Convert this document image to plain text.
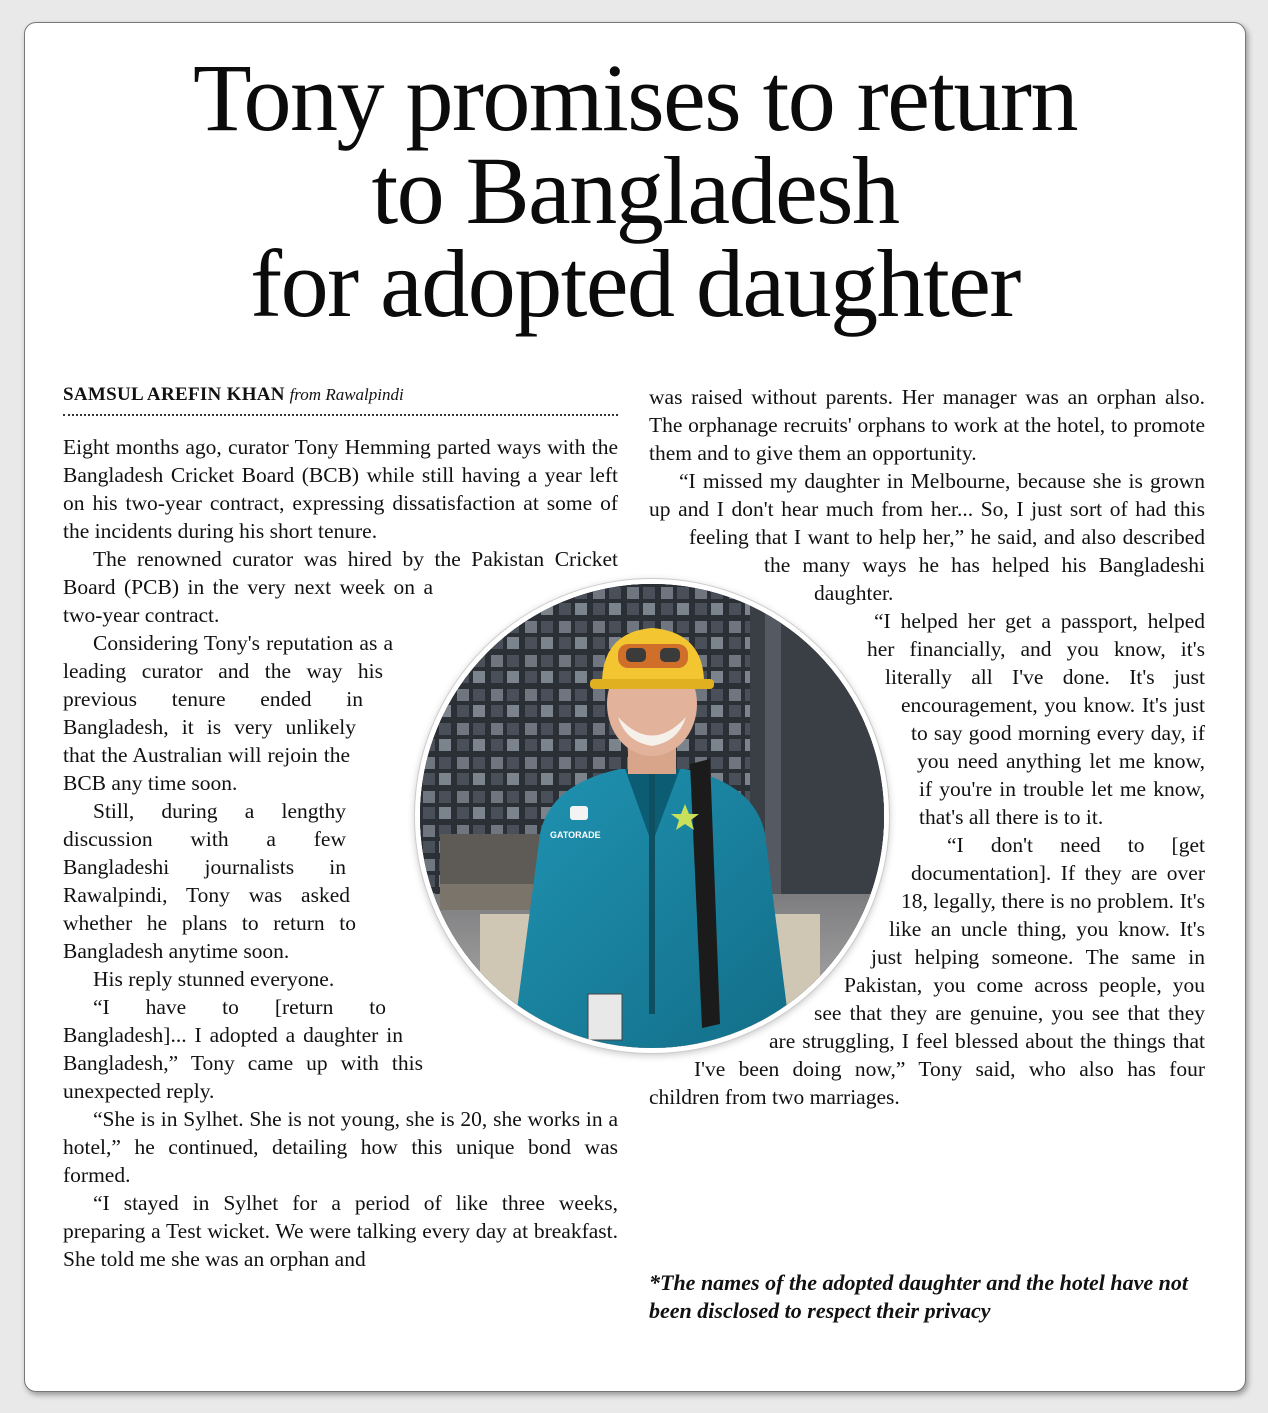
Tony promises to return
to Bangladesh
for adopted daughter
SAMSUL AREFIN KHAN from Rawalpindi

Eight months ago, curator Tony Hemming parted ways with the Bangladesh Cricket Board (BCB) while still having a year left on his two-year contract, expressing dissatisfaction at some of the incidents during his short tenure.

The renowned curator was hired by the Pakistan Cricket Board (PCB) in the very next week on a two-year contract.

Considering Tony's reputation as a leading curator and the way his previous tenure ended in Bangladesh, it is very unlikely that the Australian will rejoin the BCB any time soon.

Still, during a lengthy discussion with a few Bangladeshi journalists in Rawalpindi, Tony was asked whether he plans to return to Bangladesh anytime soon.

His reply stunned everyone.

“I have to [return to Bangladesh]... I adopted a daughter in Bangladesh,” Tony came up with this unexpected reply.

“She is in Sylhet. She is not young, she is 20, she works in a hotel,” he continued, detailing how this unique bond was formed.

“I stayed in Sylhet for a period of like three weeks, preparing a Test wicket. We were talking every day at breakfast. She told me she was an orphan and

was raised without parents. Her manager was an orphan also. The orphanage recruits' orphans to work at the hotel, to promote them and to give them an opportunity.

“I missed my daughter in Melbourne, because she is grown up and I don't hear much from her... So, I just sort of had this feeling that I want to help her,” he said, and also described the many ways he has helped his Bangladeshi daughter.

“I helped her get a passport, helped her financially, and you know, it's literally all I've done. It's just encouragement, you know. It's just to say good morning every day, if you need anything let me know, if you're in trouble let me know, that's all there is to it.

“I don't need to [get documentation]. If they are over 18, legally, there is no problem. It's like an uncle thing, you know. It's just helping someone. The same in Pakistan, you come across people, you see that they are genuine, you see that they are struggling, I feel blessed about the things that I've been doing now,” Tony said, who also has four children from two marriages.

*The names of the adopted daughter and the hotel have not been disclosed to respect their privacy
GATORADE
